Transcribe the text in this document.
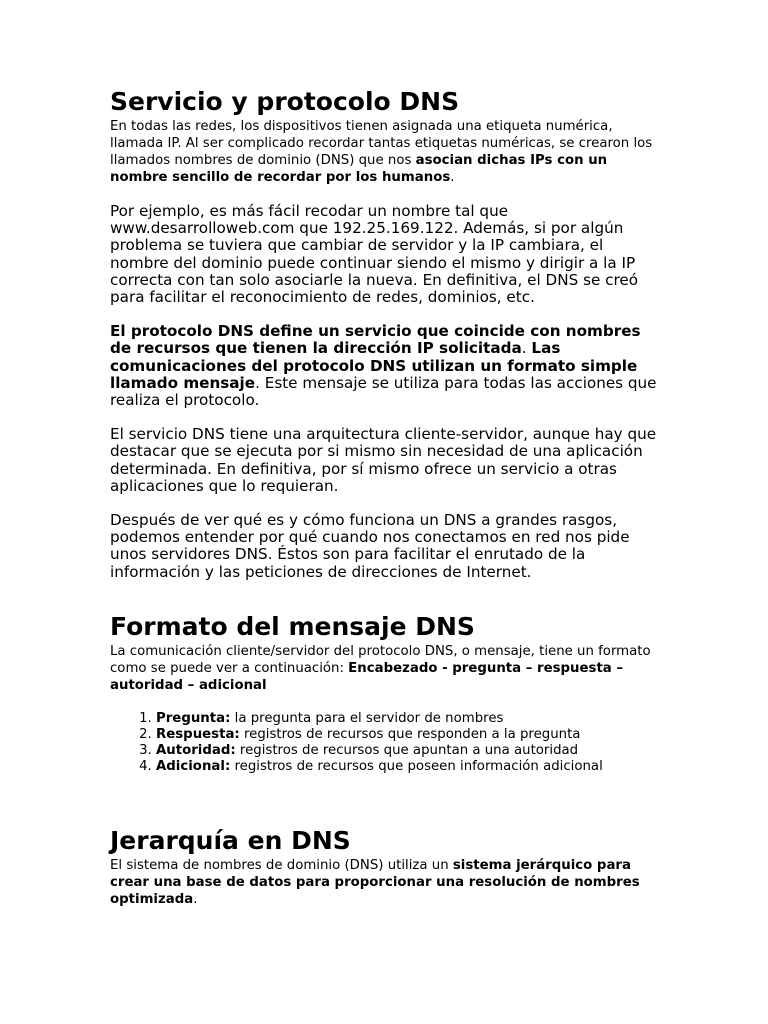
Servicio y protocolo DNS

En todas las redes, los dispositivos tienen asignada una etiqueta numérica, llamada IP. Al ser complicado recordar tantas etiquetas numéricas, se crearon los llamados nombres de dominio (DNS) que nos asocian dichas IPs con un nombre sencillo de recordar por los humanos.

Por ejemplo, es más fácil recodar un nombre tal que www.desarrolloweb.com que 192.25.169.122. Además, si por algún problema se tuviera que cambiar de servidor y la IP cambiara, el nombre del dominio puede continuar siendo el mismo y dirigir a la IP correcta con tan solo asociarle la nueva. En definitiva, el DNS se creó para facilitar el reconocimiento de redes, dominios, etc.

El protocolo DNS define un servicio que coincide con nombres de recursos que tienen la dirección IP solicitada. Las comunicaciones del protocolo DNS utilizan un formato simple llamado mensaje. Este mensaje se utiliza para todas las acciones que realiza el protocolo.

El servicio DNS tiene una arquitectura cliente-servidor, aunque hay que destacar que se ejecuta por si mismo sin necesidad de una aplicación determinada. En definitiva, por sí mismo ofrece un servicio a otras aplicaciones que lo requieran.

Después de ver qué es y cómo funciona un DNS a grandes rasgos, podemos entender por qué cuando nos conectamos en red nos pide unos servidores DNS. Éstos son para facilitar el enrutado de la información y las peticiones de direcciones de Internet.

Formato del mensaje DNS

La comunicación cliente/servidor del protocolo DNS, o mensaje, tiene un formato como se puede ver a continuación: Encabezado - pregunta – respuesta – autoridad – adicional

1. Pregunta: la pregunta para el servidor de nombres
2. Respuesta: registros de recursos que responden a la pregunta
3. Autoridad: registros de recursos que apuntan a una autoridad
4. Adicional: registros de recursos que poseen información adicional
Jerarquía en DNS

El sistema de nombres de dominio (DNS) utiliza un sistema jerárquico para crear una base de datos para proporcionar una resolución de nombres optimizada.
